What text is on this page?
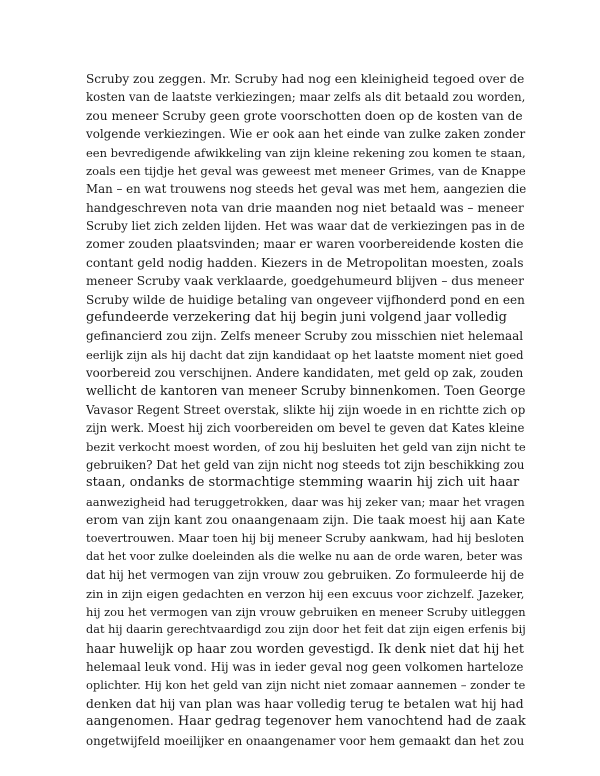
Scruby zou zeggen. Mr. Scruby had nog een kleinigheid tegoed over de
kosten van de laatste verkiezingen; maar zelfs als dit betaald zou worden,
zou meneer Scruby geen grote voorschotten doen op de kosten van de
volgende verkiezingen. Wie er ook aan het einde van zulke zaken zonder
een bevredigende afwikkeling van zijn kleine rekening zou komen te staan,
zoals een tijdje het geval was geweest met meneer Grimes, van de Knappe
Man – en wat trouwens nog steeds het geval was met hem, aangezien die
handgeschreven nota van drie maanden nog niet betaald was – meneer
Scruby liet zich zelden lijden. Het was waar dat de verkiezingen pas in de
zomer zouden plaatsvinden; maar er waren voorbereidende kosten die
contant geld nodig hadden. Kiezers in de Metropolitan moesten, zoals
meneer Scruby vaak verklaarde, goedgehumeurd blijven – dus meneer
Scruby wilde de huidige betaling van ongeveer vijfhonderd pond en een
gefundeerde verzekering dat hij begin juni volgend jaar volledig
gefinancierd zou zijn. Zelfs meneer Scruby zou misschien niet helemaal
eerlijk zijn als hij dacht dat zijn kandidaat op het laatste moment niet goed
voorbereid zou verschijnen. Andere kandidaten, met geld op zak, zouden
wellicht de kantoren van meneer Scruby binnenkomen. Toen George
Vavasor Regent Street overstak, slikte hij zijn woede in en richtte zich op
zijn werk. Moest hij zich voorbereiden om bevel te geven dat Kates kleine
bezit verkocht moest worden, of zou hij besluiten het geld van zijn nicht te
gebruiken? Dat het geld van zijn nicht nog steeds tot zijn beschikking zou
staan, ondanks de stormachtige stemming waarin hij zich uit haar
aanwezigheid had teruggetrokken, daar was hij zeker van; maar het vragen
erom van zijn kant zou onaangenaam zijn. Die taak moest hij aan Kate
toevertrouwen. Maar toen hij bij meneer Scruby aankwam, had hij besloten
dat het voor zulke doeleinden als die welke nu aan de orde waren, beter was
dat hij het vermogen van zijn vrouw zou gebruiken. Zo formuleerde hij de
zin in zijn eigen gedachten en verzon hij een excuus voor zichzelf. Jazeker,
hij zou het vermogen van zijn vrouw gebruiken en meneer Scruby uitleggen
dat hij daarin gerechtvaardigd zou zijn door het feit dat zijn eigen erfenis bij
haar huwelijk op haar zou worden gevestigd. Ik denk niet dat hij het
helemaal leuk vond. Hij was in ieder geval nog geen volkomen harteloze
oplichter. Hij kon het geld van zijn nicht niet zomaar aannemen – zonder te
denken dat hij van plan was haar volledig terug te betalen wat hij had
aangenomen. Haar gedrag tegenover hem vanochtend had de zaak
ongetwijfeld moeilijker en onaangenamer voor hem gemaakt dan het zou
